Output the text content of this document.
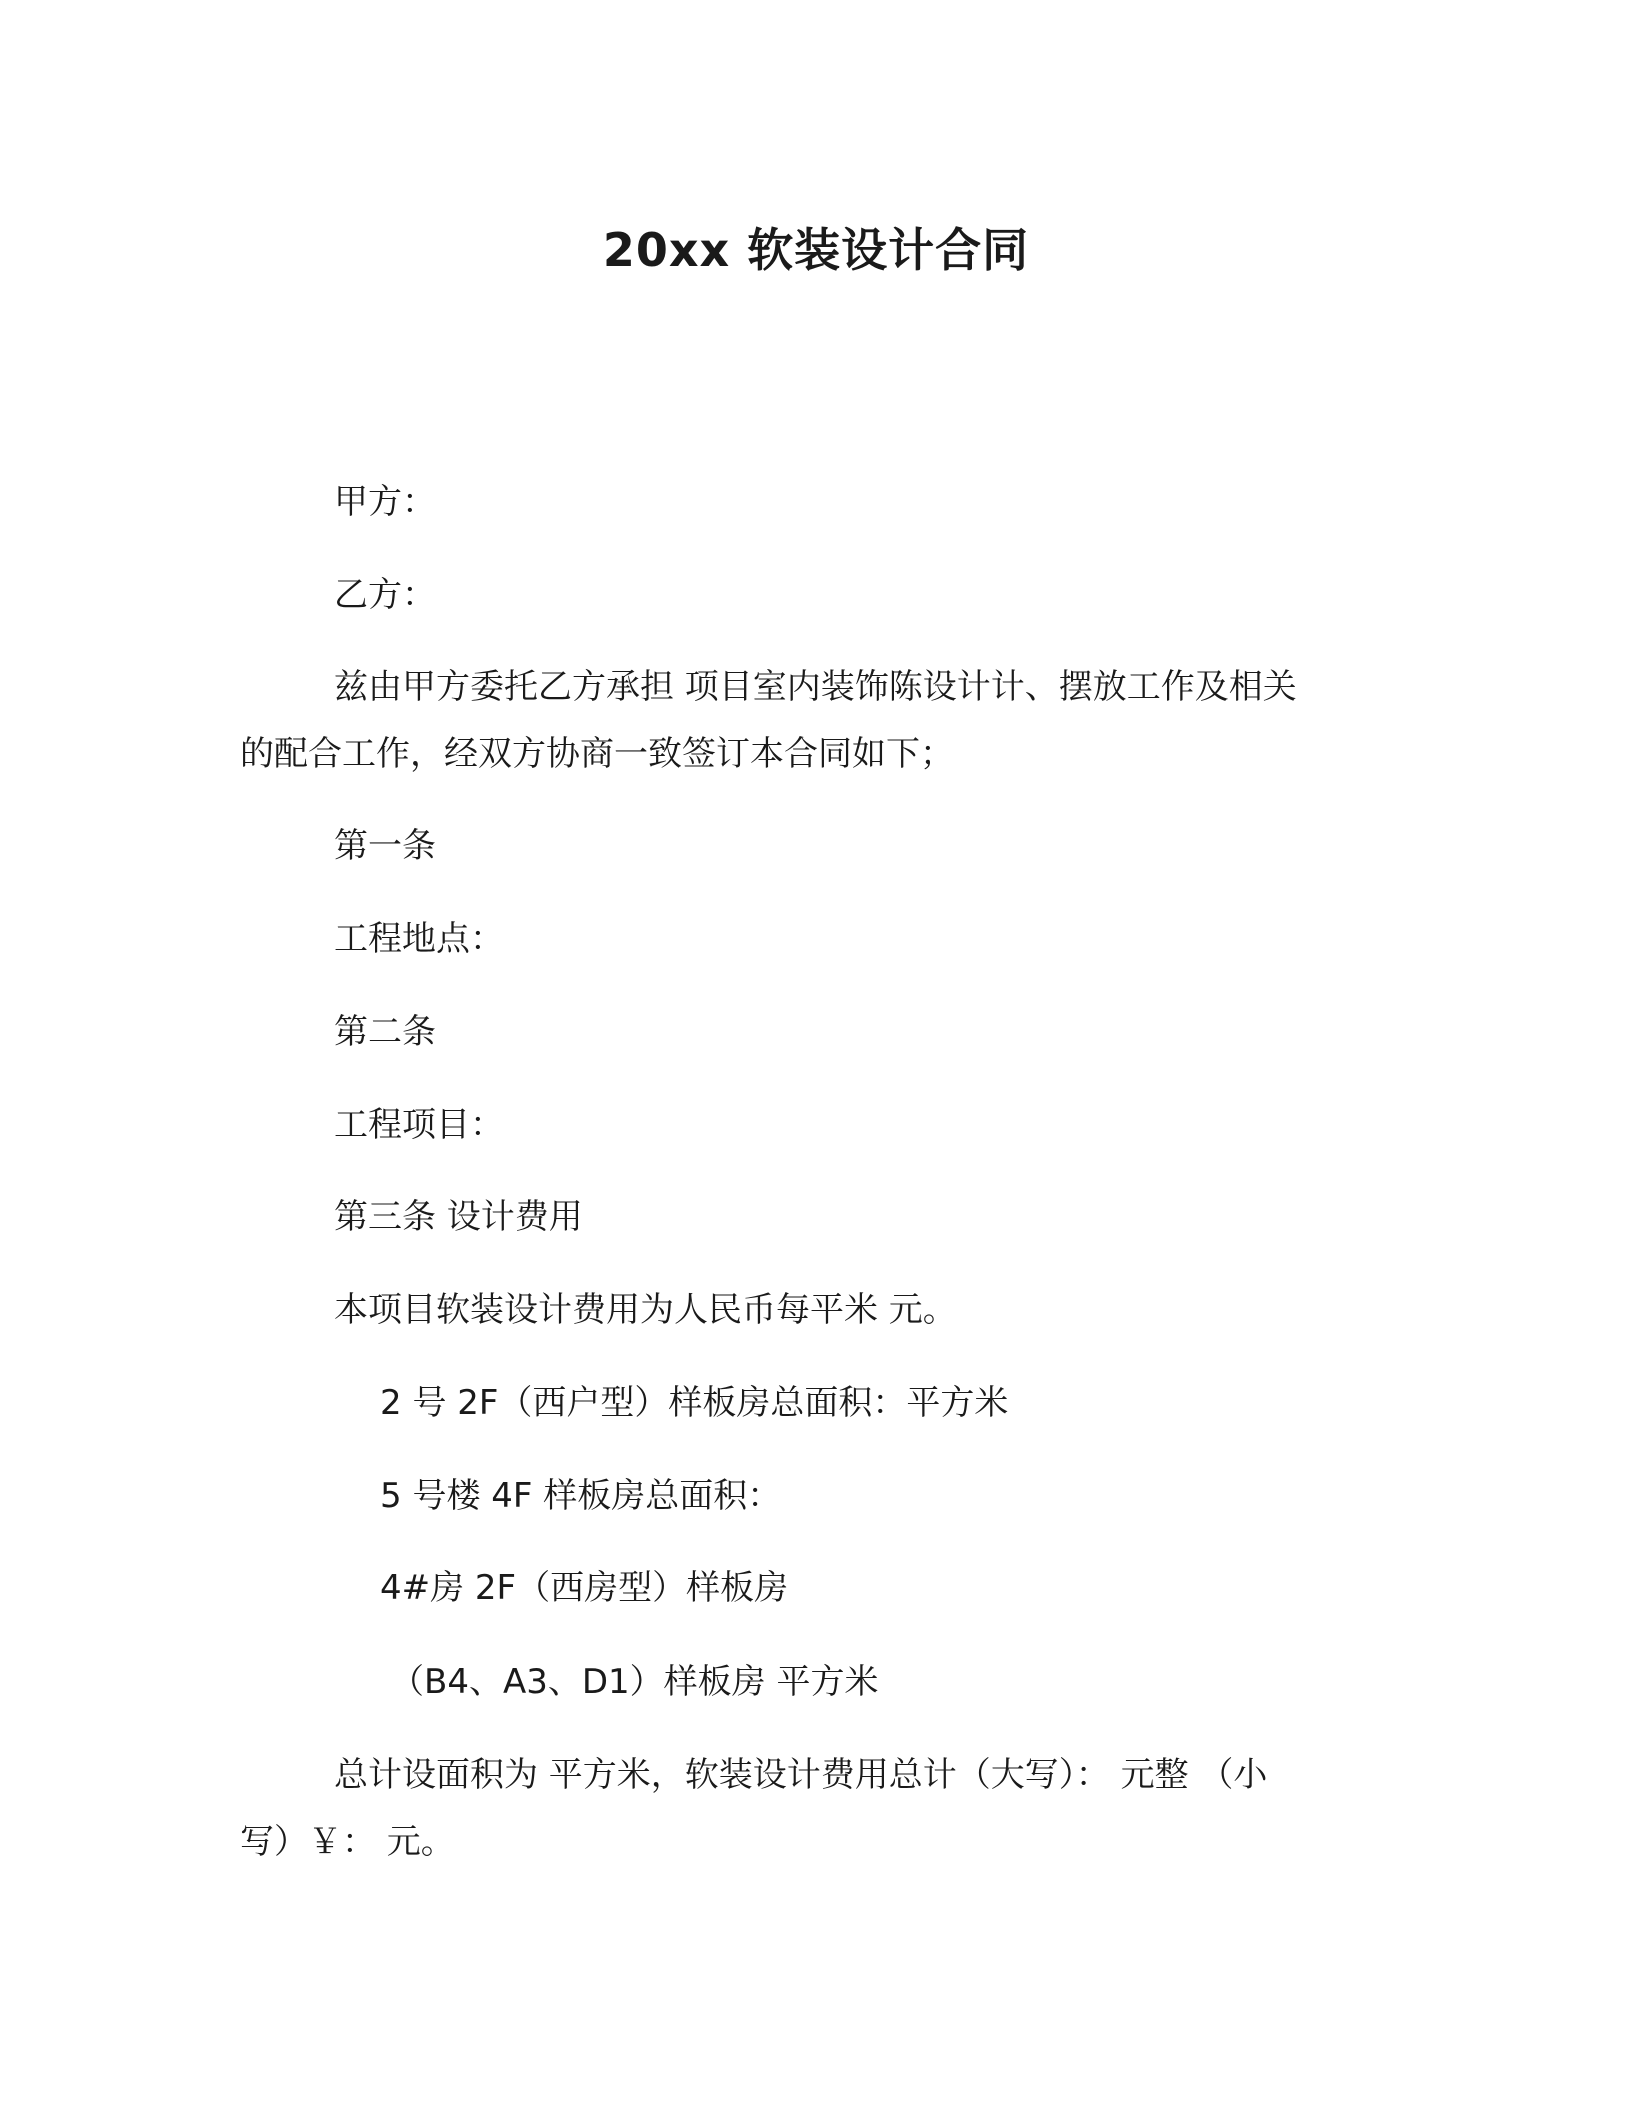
20xx 软装设计合同
甲方：
乙方：
兹由甲方委托乙方承担 项目室内装饰陈设计计、摆放工作及相关
的配合工作，经双方协商一致签订本合同如下；
第一条
工程地点：
第二条
工程项目：
第三条 设计费用
本项目软装设计费用为人民币每平米 元。
2 号 2F（西户型）样板房总面积：平方米
5 号楼 4F 样板房总面积：
4#房 2F（西房型）样板房
（B4、A3、D1）样板房 平方米
总计设面积为 平方米，软装设计费用总计（大写）： 元整 （小
写）￥： 元。
